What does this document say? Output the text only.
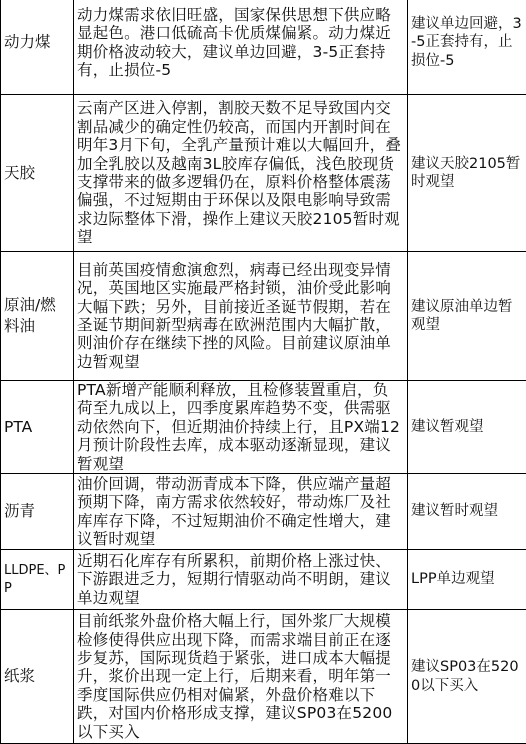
动力煤	动力煤需求依旧旺盛，国家保供思想下供应略显起色。港口低硫高卡优质煤偏紧。动力煤近期价格波动较大，建议单边回避，3-5正套持有，止损位-5	建议单边回避，3-5正套持有，止损位-5
天胶	云南产区进入停割，割胶天数不足导致国内交割品减少的确定性仍较高，而国内开割时间在明年3月下旬，全乳产量预计难以大幅回升，叠加全乳胶以及越南3L胶库存偏低，浅色胶现货支撑带来的做多逻辑仍在，原料价格整体震荡偏强，不过短期由于环保以及限电影响导致需求边际整体下滑，操作上建议天胶2105暂时观望	建议天胶2105暂时观望
原油/燃料油	目前英国疫情愈演愈烈，病毒已经出现变异情况，英国地区实施最严格封锁，油价受此影响大幅下跌；另外，目前接近圣诞节假期，若在圣诞节期间新型病毒在欧洲范围内大幅扩散，则油价存在继续下挫的风险。目前建议原油单边暂观望	建议原油单边暂观望
PTA	PTA新增产能顺利释放，且检修装置重启，负荷至九成以上，四季度累库趋势不变，供需驱动依然向下，但近期油价持续上行，且PX端12月预计阶段性去库，成本驱动逐渐显现，建议暂观望	建议暂观望
沥青	油价回调，带动沥青成本下降，供应端产量超预期下降，南方需求依然较好，带动炼厂及社库库存下降，不过短期油价不确定性增大，建议暂时观望	建议暂时观望
LLDPE、PP	近期石化库存有所累积，前期价格上涨过快、下游跟进乏力，短期行情驱动尚不明朗，建议单边观望	LPP单边观望
纸浆	目前纸浆外盘价格大幅上行，国外浆厂大规模检修使得供应出现下降，而需求端目前正在逐步复苏，国际现货趋于紧张，进口成本大幅提升，浆价出现一定上行，后期来看，明年第一季度国际供应仍相对偏紧，外盘价格难以下跌，对国内价格形成支撑，建议SP03在5200以下买入	建议SP03在5200以下买入
